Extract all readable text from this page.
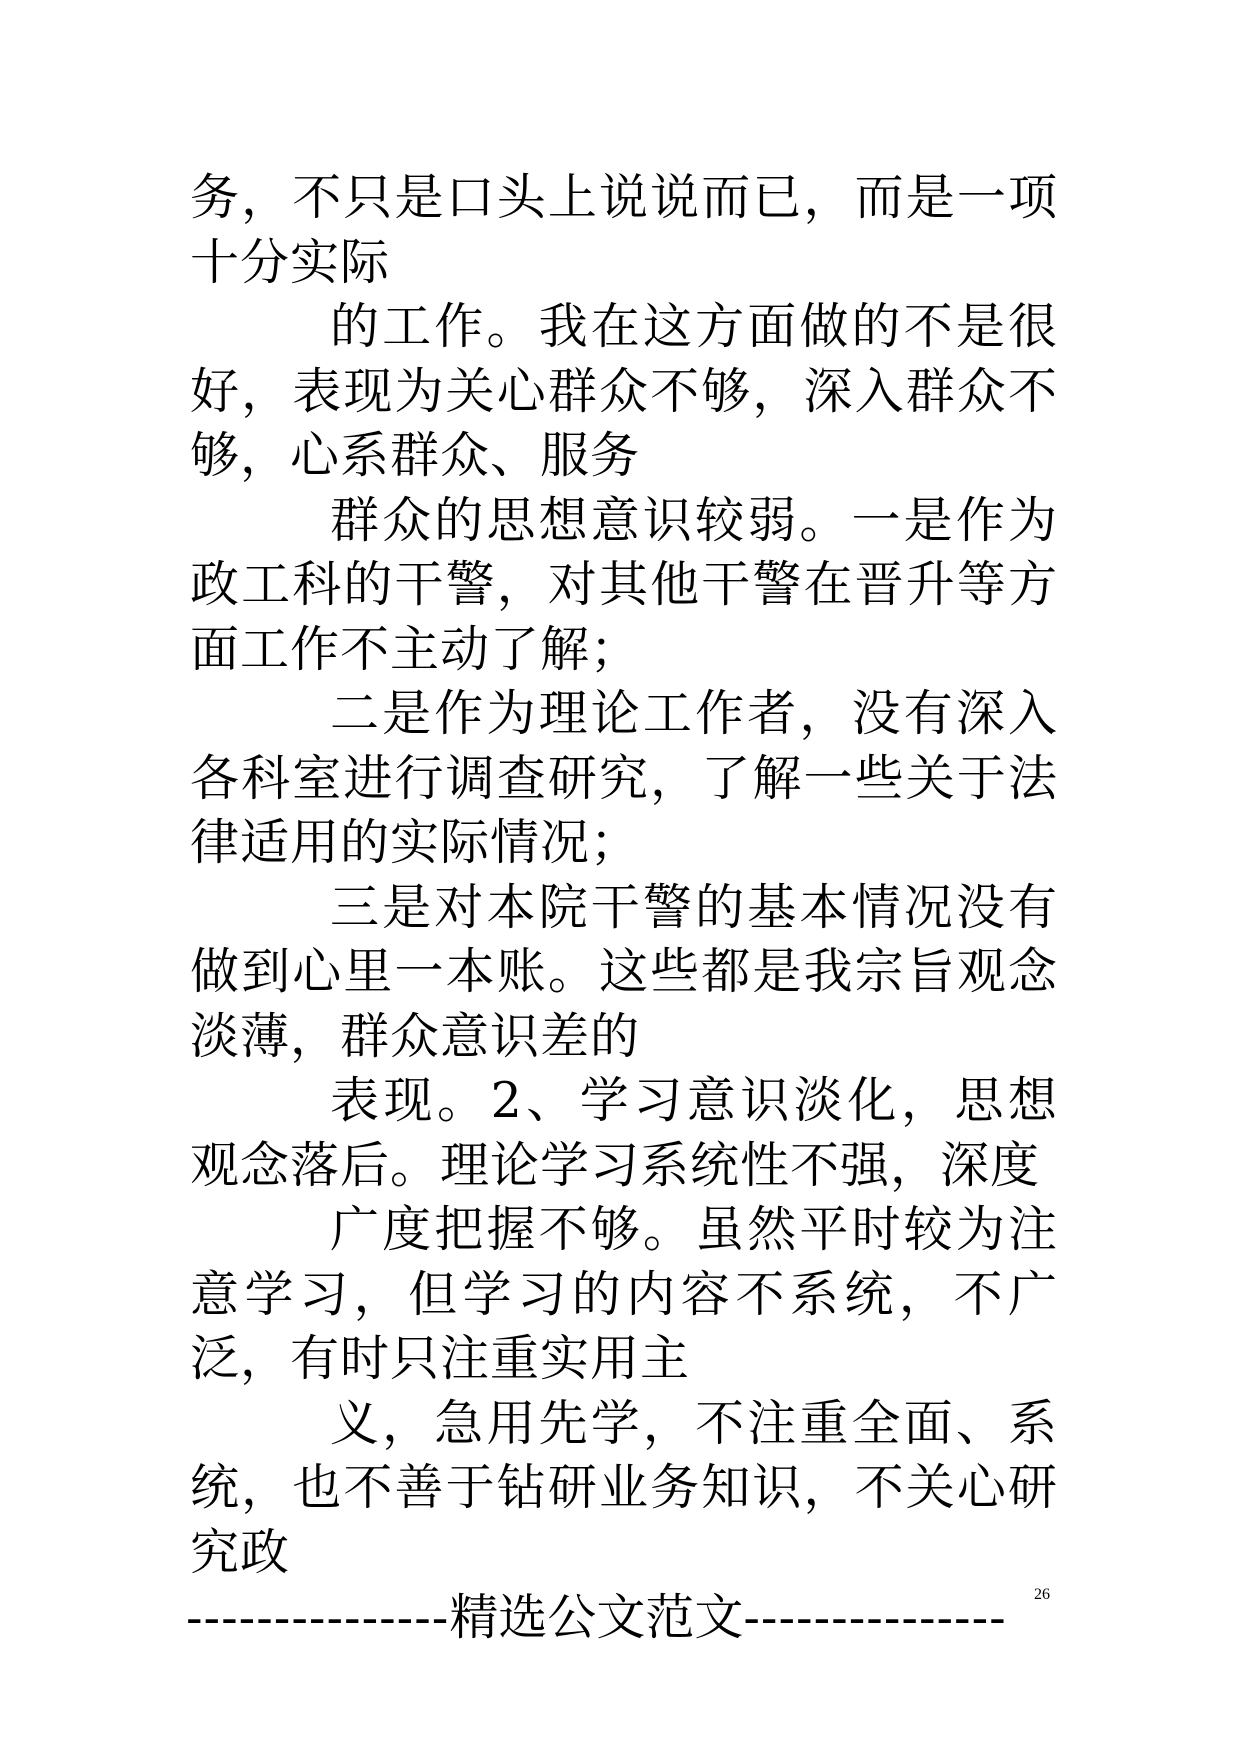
务，不只是口头上说说而已，而是一项十分实际

的工作。我在这方面做的不是很好，表现为关心群众不够，深入群众不够，心系群众、服务

群众的思想意识较弱。一是作为政工科的干警，对其他干警在晋升等方面工作不主动了解；

二是作为理论工作者，没有深入各科室进行调查研究，了解一些关于法律适用的实际情况；

三是对本院干警的基本情况没有做到心里一本账。这些都是我宗旨观念淡薄，群众意识差的

表现。2、学习意识淡化，思想观念落后。理论学习系统性不强，深度

广度把握不够。虽然平时较为注意学习，但学习的内容不系统，不广泛，有时只注重实用主

义，急用先学，不注重全面、系统，也不善于钻研业务知识，不关心研究政

---------------精选公文范文---------------	26
